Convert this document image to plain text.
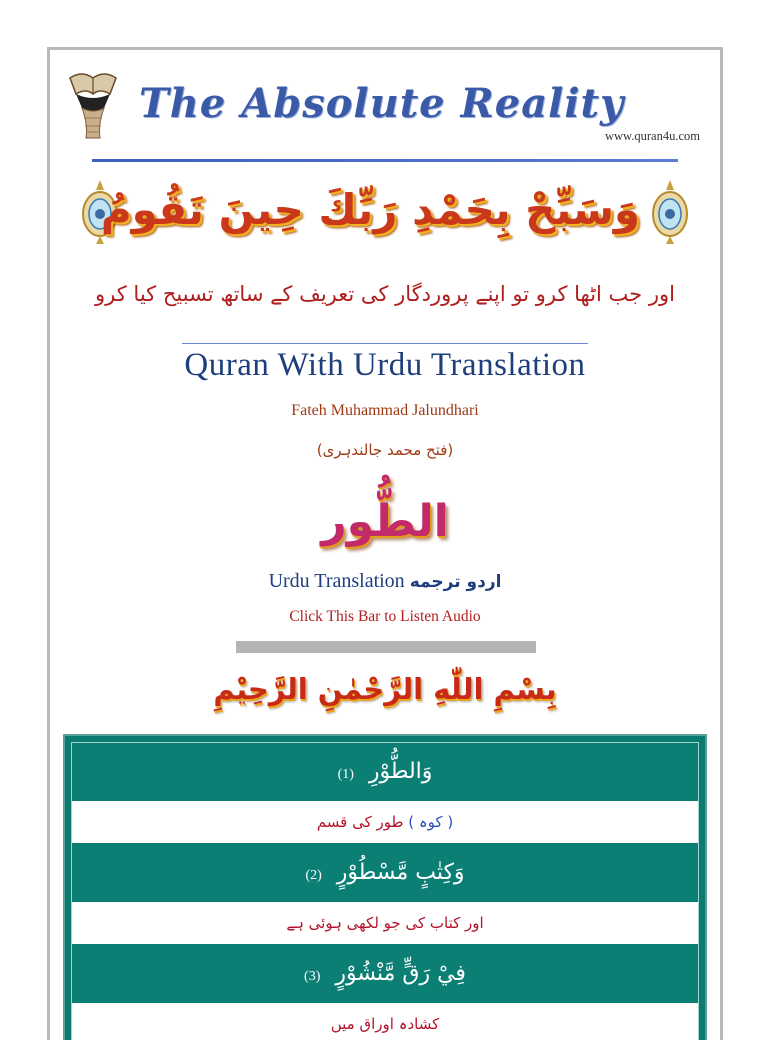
The Absolute Reality
www.quran4u.com
وَسَبِّحْ بِحَمْدِ رَبِّكَ حِينَ تَقُومُ
اور جب اٹھا کرو تو اپنے پروردگار کی تعریف کے ساتھ تسبیح کیا کرو
Quran With Urdu Translation
Fateh Muhammad Jalundhari
(فتح محمد جالندہری)
الطُّور
Urdu Translation اردو ترجمه
Click This Bar to Listen Audio
بِسْمِ اللّٰهِ الرَّحْمٰنِ الرَّحِيْمِ
وَالطُّوْرِ (1)
( کوہ ) طور کی قسم
وَكِتٰبٍ مَّسْطُوْرٍ (2)
اور کتاب کی جو لکھی ہوئی ہے
فِيْ رَقٍّ مَّنْشُوْرٍ (3)
کشادہ اوراق میں
